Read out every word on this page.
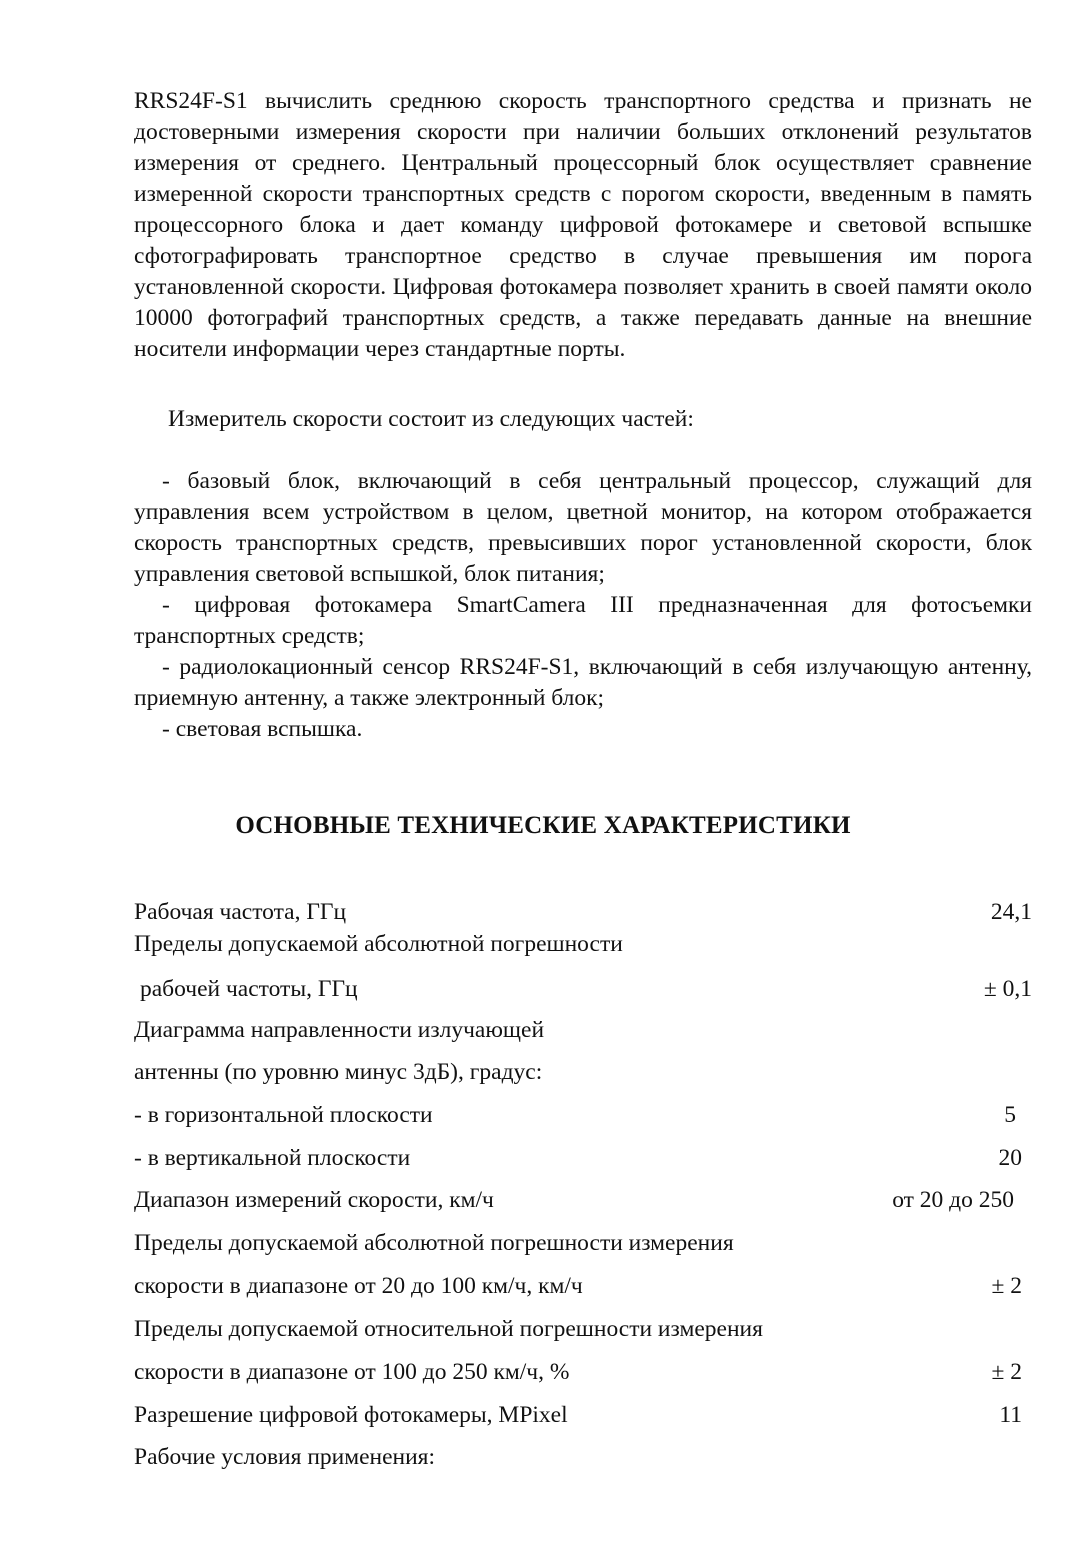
RRS24F-S1 вычислить среднюю скорость транспортного средства и признать не достоверными измерения скорости при наличии больших отклонений результатов измерения от среднего. Центральный процессорный блок осуществляет сравнение измеренной скорости транспортных средств с порогом скорости, введенным в память процессорного блока и дает команду цифровой фотокамере и световой вспышке сфотографировать транспортное средство в случае превышения им порога установленной скорости. Цифровая фотокамера позволяет хранить в своей памяти около 10000 фотографий транспортных средств, а также передавать данные на внешние носители информации через стандартные порты.

Измеритель скорости состоит из следующих частей:

- базовый блок, включающий в себя центральный процессор, служащий для управления всем устройством в целом, цветной монитор, на котором отображается скорость транспортных средств, превысивших порог установленной скорости, блок управления световой вспышкой, блок питания;

- цифровая фотокамера SmartCamera III предназначенная для фотосъемки транспортных средств;

- радиолокационный сенсор RRS24F-S1, включающий в себя излучающую антенну, приемную антенну, а также электронный блок;

- световая вспышка.

ОСНОВНЫЕ ТЕХНИЧЕСКИЕ ХАРАКТЕРИСТИКИ
Рабочая частота, ГГц	24,1
Пределы допускаемой абсолютной погрешности
рабочей частоты, ГГц	± 0,1
Диаграмма направленности излучающей
антенны (по уровню минус 3дБ), градус:
- в горизонтальной плоскости	5
- в вертикальной плоскости	20
Диапазон измерений скорости, км/ч	от 20 до 250
Пределы допускаемой абсолютной погрешности измерения
скорости в диапазоне от 20 до 100 км/ч, км/ч	± 2
Пределы допускаемой относительной погрешности измерения
скорости в диапазоне от 100 до 250 км/ч, %	± 2
Разрешение цифровой фотокамеры, MPixel	11
Рабочие условия применения:
